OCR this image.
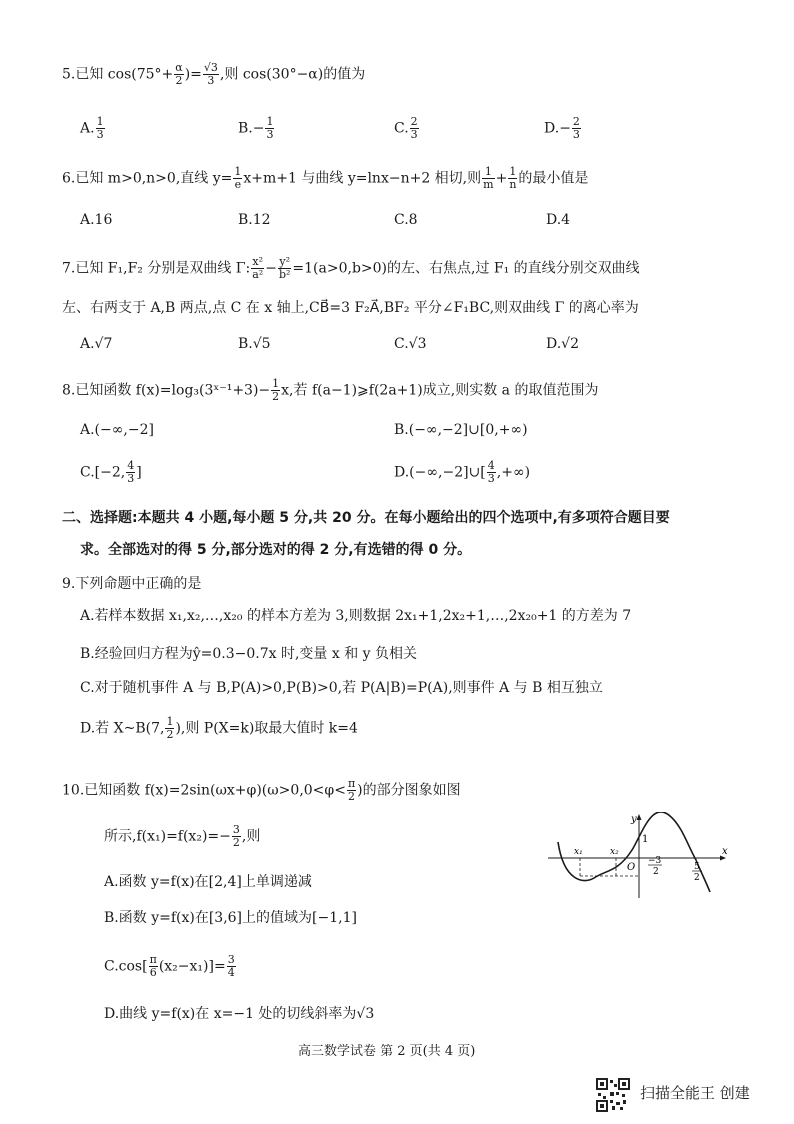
5.已知 $\cos(75^\circ+ \frac{\alpha}{2}$ )= $\frac{√3}{3}$ ,则 cos(30°−α)的值为
A. $\frac{1}{3}$	$B.- \frac{1}{3}$	C. $\frac{2}{3}$	$D.- \frac{2}{3}$
6.已知 m>0,n>0,直线 $y= \frac{1}{e} x+m+1$ 与曲线 y=lnx−n+2 相切,则 $\frac{1}{m} + \frac{1}{n}$ 的最小值是
A.16	B.12	C.8	D.4
7.已知 F₁,F₂ 分别是双曲线 Γ: $\frac{\text{x²}}{\text{a²}} - \frac{\text{y²}}{\text{b²}} =1(a>0,b>0)$的左、右焦点,过 F₁ 的直线分别交双曲线
左、右两支于 A,B 两点,点 C 在 x 轴上,CB⃗=3 F₂A⃗,BF₂ 平分∠F₁BC,则双曲线 Γ 的离心率为
A.√7	B.√5	C.√3	D.√2
8.已知函数 f(x)=log₃(3ˣ⁻¹+3)− $\frac{1}{2} x$,若 f(a−1)⩾f(2a+1)成立,则实数 a 的取值范围为
A.(−∞,−2]	B.(−∞,−2]∪[0,+∞)
C.[−2, $\frac{4}{3}$ ]	D.(−∞,−2]∪[ $\frac{4}{3}$ ,+∞)
二、选择题:本题共 4 小题,每小题 5 分,共 20 分。在每小题给出的四个选项中,有多项符合题目要
求。全部选对的得 5 分,部分选对的得 2 分,有选错的得 0 分。
9.下列命题中正确的是
A.若样本数据 x₁,x₂,…,x₂₀ 的样本方差为 3,则数据 2x₁+1,2x₂+1,…,2x₂₀+1 的方差为 7
B.经验回归方程为ŷ=0.3−0.7x 时,变量 x 和 y 负相关
C.对于随机事件 A 与 B,P(A)>0,P(B)>0,若 P(A|B)=P(A),则事件 A 与 B 相互独立
D.若 X~B(7, $\frac{1}{2}$ ),则 P(X=k)取最大值时 k=4
10.已知函数 $f(x)=2\sin(\omega x+\varphi)(\omega>0,0<\varphi< \frac{\pi}{2}$ )的部分图象如图
所示$,f(x_1)=f(x_2)=- \frac{3}{2}$ ,则
A.函数 y=f(x)在[2,4]上单调递减
B.函数 y=f(x)在[3,6]上的值域为[−1,1]
$C.\cos[ \frac{\pi}{6} (x_2-x_1)]= \frac{3}{4}$
D.曲线 y=f(x)在 x=−1 处的切线斜率为√3
y
x
O
1
x₁	x₂
5
2
−3
2
高三数学试卷 第 2 页(共 4 页)
扫描全能王 创建
